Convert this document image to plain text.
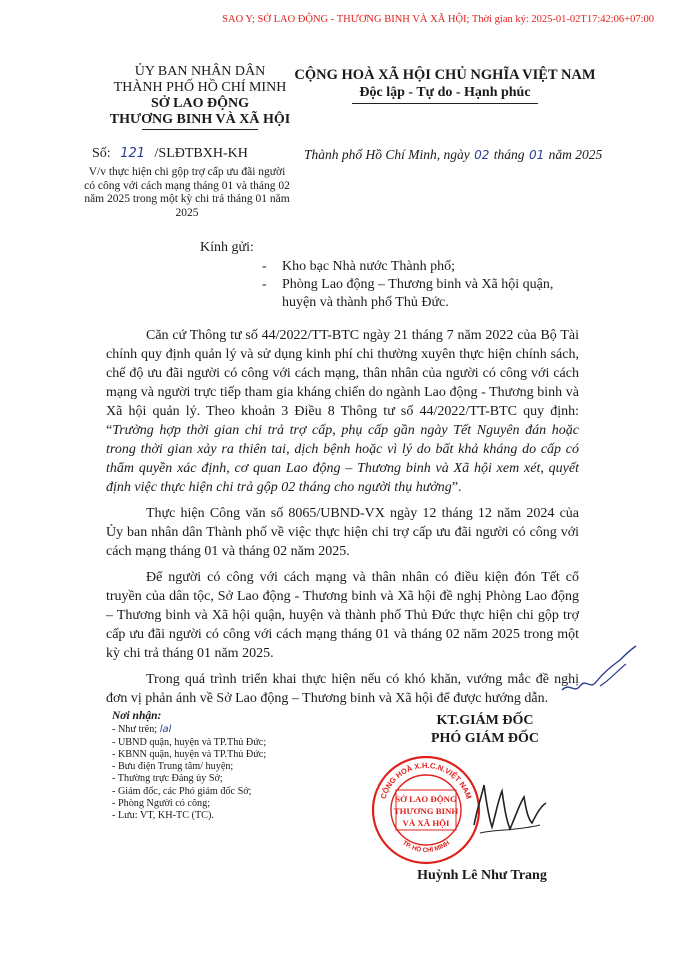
SAO Y; SỞ LAO ĐỘNG - THƯƠNG BINH VÀ XÃ HỘI; Thời gian ký: 2025-01-02T17:42:06+07:00
ỦY BAN NHÂN DÂN
THÀNH PHỐ HỒ CHÍ MINH
SỞ LAO ĐỘNG
THƯƠNG BINH VÀ XÃ HỘI
CỘNG HOÀ XÃ HỘI CHỦ NGHĨA VIỆT NAM
Độc lập - Tự do - Hạnh phúc
Số: 121 /SLĐTBXH-KH
V/v thực hiện chi gộp trợ cấp ưu đãi người có công với cách mạng tháng 01 và tháng 02 năm 2025 trong một kỳ chi trả tháng 01 năm 2025
Thành phố Hồ Chí Minh, ngày 02 tháng 01 năm 2025
Kính gửi:
- Kho bạc Nhà nước Thành phố;
- Phòng Lao động – Thương binh và Xã hội quận, huyện và thành phố Thủ Đức.

Căn cứ Thông tư số 44/2022/TT-BTC ngày 21 tháng 7 năm 2022 của Bộ Tài chính quy định quản lý và sử dụng kinh phí chi thường xuyên thực hiện chính sách, chế độ ưu đãi người có công với cách mạng, thân nhân của người có công với cách mạng và người trực tiếp tham gia kháng chiến do ngành Lao động - Thương binh và Xã hội quản lý. Theo khoản 3 Điều 8 Thông tư số 44/2022/TT-BTC quy định: “Trường hợp thời gian chi trả trợ cấp, phụ cấp gần ngày Tết Nguyên đán hoặc trong thời gian xảy ra thiên tai, dịch bệnh hoặc vì lý do bất khả kháng do cấp có thẩm quyền xác định, cơ quan Lao động – Thương binh và Xã hội xem xét, quyết định việc thực hiện chi trả gộp 02 tháng cho người thụ hưởng”.

Thực hiện Công văn số 8065/UBND-VX ngày 12 tháng 12 năm 2024 của Ủy ban nhân dân Thành phố về việc thực hiện chi trợ cấp ưu đãi người có công với cách mạng tháng 01 và tháng 02 năm 2025.

Để người có công với cách mạng và thân nhân có điều kiện đón Tết cổ truyền của dân tộc, Sở Lao động - Thương binh và Xã hội đề nghị Phòng Lao động – Thương binh và Xã hội quận, huyện và thành phố Thủ Đức thực hiện chi gộp trợ cấp ưu đãi người có công với cách mạng tháng 01 và tháng 02 năm 2025 trong một kỳ chi trả tháng 01 năm 2025.

Trong quá trình triển khai thực hiện nếu có khó khăn, vướng mắc đề nghị đơn vị phản ánh về Sở Lao động – Thương binh và Xã hội để được hướng dẫn.

Nơi nhận:
- Như trên; lal
- UBND quận, huyện và TP.Thủ Đức;
- KBNN quận, huyện và TP.Thủ Đức;
- Bưu điện Trung tâm/ huyện;
- Thường trực Đảng ủy Sở;
- Giám đốc, các Phó giám đốc Sở;
- Phòng Người có công;
- Lưu: VT, KH-TC (TC).
KT.GIÁM ĐỐC
PHÓ GIÁM ĐỐC
CỘNG HOÀ X.H.C.N.VIỆT NAM
TP. HỒ CHÍ MINH
SỞ LAO ĐỘNG
THƯƠNG BINH
VÀ XÃ HỘI
Huỳnh Lê Như Trang
